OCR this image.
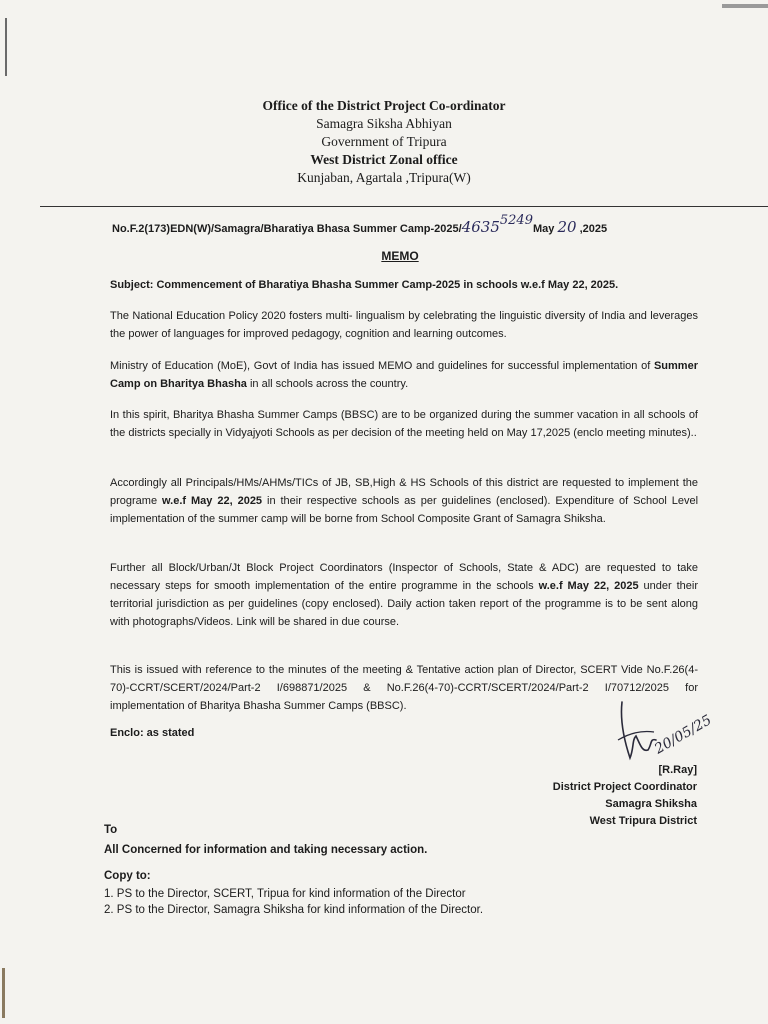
Office of the District Project Co-ordinator
Samagra Siksha Abhiyan
Government of Tripura
West District Zonal office
Kunjaban, Agartala ,Tripura(W)
No.F.2(173)EDN(W)/Samagra/Bharatiya Bhasa Summer Camp-2025/46355249May 20 ,2025
MEMO
Subject: Commencement of Bharatiya Bhasha Summer Camp-2025 in schools w.e.f May 22, 2025.
The National Education Policy 2020 fosters multi- lingualism by celebrating the linguistic diversity of India and leverages the power of languages for improved pedagogy, cognition and learning outcomes.
Ministry of Education (MoE), Govt of India has issued MEMO and guidelines for successful implementation of Summer Camp on Bharitya Bhasha in all schools across the country.
In this spirit, Bharitya Bhasha Summer Camps (BBSC) are to be organized during the summer vacation in all schools of the districts specially in Vidyajyoti Schools as per decision of the meeting held on May 17,2025 (enclo meeting minutes)..
Accordingly all Principals/HMs/AHMs/TICs of JB, SB,High & HS Schools of this district are requested to implement the programe w.e.f May 22, 2025 in their respective schools as per guidelines (enclosed). Expenditure of School Level implementation of the summer camp will be borne from School Composite Grant of Samagra Shiksha.
Further all Block/Urban/Jt Block Project Coordinators (Inspector of Schools, State & ADC) are requested to take necessary steps for smooth implementation of the entire programme in the schools w.e.f May 22, 2025 under their territorial jurisdiction as per guidelines (copy enclosed). Daily action taken report of the programme is to be sent along with photographs/Videos. Link will be shared in due course.
This is issued with reference to the minutes of the meeting & Tentative action plan of Director, SCERT Vide No.F.26(4-70)-CCRT/SCERT/2024/Part-2 I/698871/2025 & No.F.26(4-70)-CCRT/SCERT/2024/Part-2 I/70712/2025 for implementation of Bharitya Bhasha Summer Camps (BBSC).
Enclo: as stated	20/05/25
[R.Ray]
District Project Coordinator
Samagra Shiksha
West Tripura District
To
All Concerned for information and taking necessary action.
Copy to:
1. PS to the Director, SCERT, Tripua for kind information of the Director
2. PS to the Director, Samagra Shiksha for kind information of the Director.
